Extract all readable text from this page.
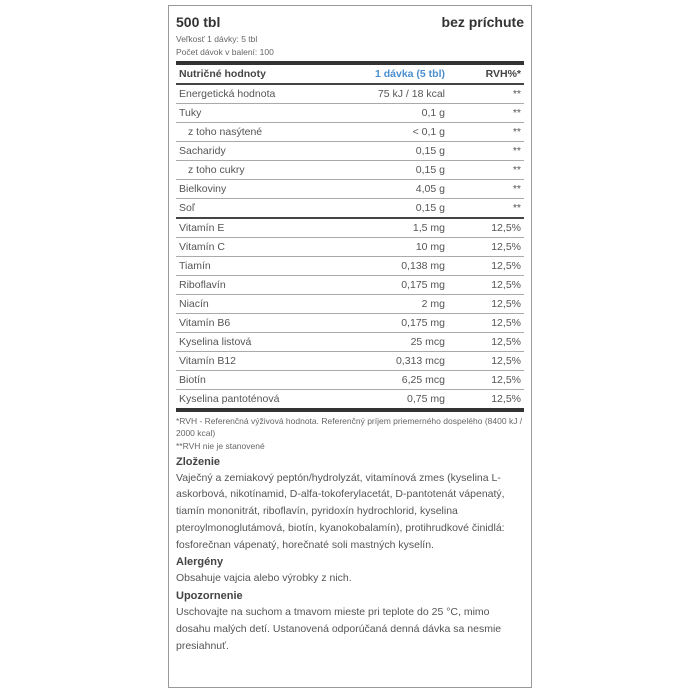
500 tbl	bez príchute
Veľkosť 1 dávky: 5 tbl
Počet dávok v balení: 100
Nutričné hodnoty	1 dávka (5 tbl)	RVH%*
Energetická hodnota	75 kJ / 18 kcal	**
Tuky	0,1 g	**
z toho nasýtené	< 0,1 g	**
Sacharidy	0,15 g	**
z toho cukry	0,15 g	**
Bielkoviny	4,05 g	**
Soľ	0,15 g	**
Vitamín E	1,5 mg	12,5%
Vitamín C	10 mg	12,5%
Tiamín	0,138 mg	12,5%
Riboflavín	0,175 mg	12,5%
Niacín	2 mg	12,5%
Vitamín B6	0,175 mg	12,5%
Kyselina listová	25 mcg	12,5%
Vitamín B12	0,313 mcg	12,5%
Biotín	6,25 mcg	12,5%
Kyselina pantoténová	0,75 mg	12,5%
*RVH - Referenčná výživová hodnota. Referenčný príjem priemerného dospelého (8400 kJ / 2000 kcal)
**RVH nie je stanovené
Zloženie

Vaječný a zemiakový peptón/hydrolyzát, vitamínová zmes (kyselina L-askorbová, nikotínamid, D-alfa-tokoferylacetát, D-pantotenát vápenatý, tiamín mononitrát, riboflavín, pyridoxín hydrochlorid, kyselina pteroylmonoglutámová, biotín, kyanokobalamín), protihrudkové činidlá: fosforečnan vápenatý, horečnaté soli mastných kyselín.

Alergény

Obsahuje vajcia alebo výrobky z nich.

Upozornenie

Uschovajte na suchom a tmavom mieste pri teplote do 25 °C, mimo dosahu malých detí. Ustanovená odporúčaná denná dávka sa nesmie presiahnuť.
